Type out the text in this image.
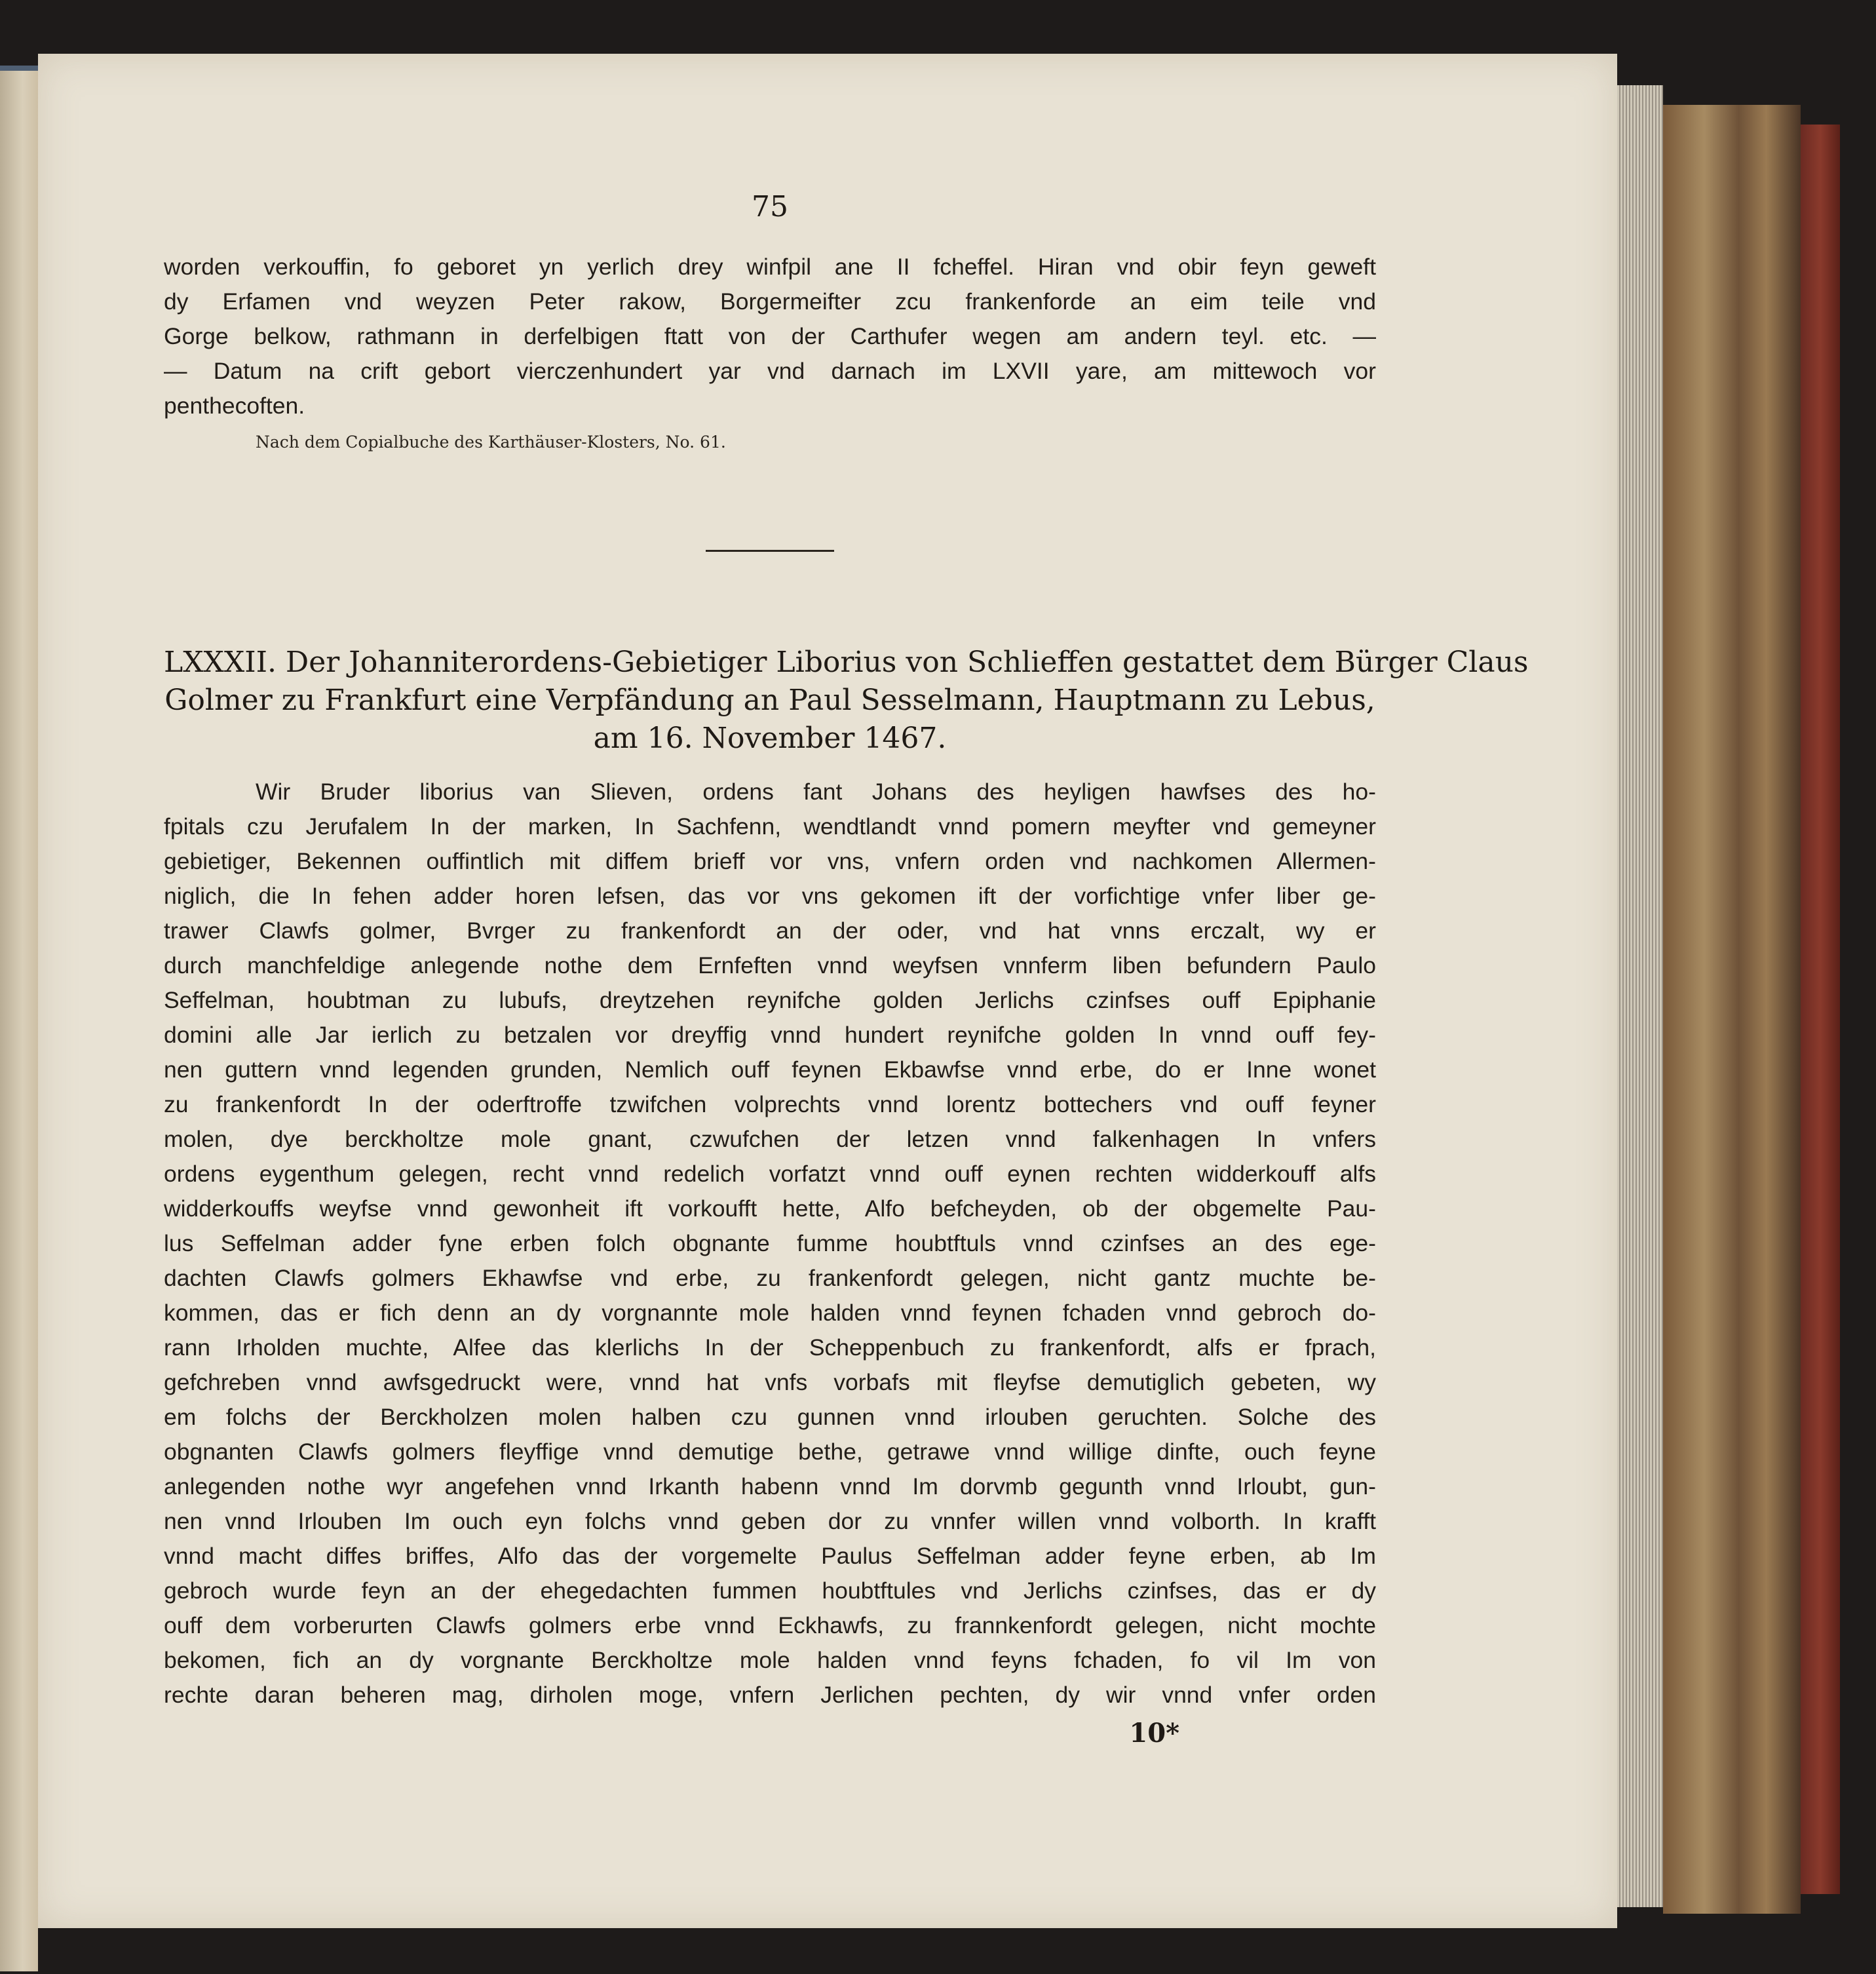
75
worden verkouffin, fo geboret yn yerlich drey winfpil ane II fcheffel. Hiran vnd obir feyn geweft
dy Erfamen vnd weyzen Peter rakow, Borgermeifter zcu frankenforde an eim teile vnd
Gorge belkow, rathmann in derfelbigen ftatt von der Carthufer wegen am andern teyl. etc. —
— Datum na crift gebort vierczenhundert yar vnd darnach im LXVII yare, am mittewoch vor
penthecoften.
Nach dem Copialbuche des Karthäuser-Klosters, No. 61.
LXXXII. Der Johanniterordens-Gebietiger Liborius von Schlieffen gestattet dem Bürger Claus
Golmer zu Frankfurt eine Verpfändung an Paul Sesselmann, Hauptmann zu Lebus,
am 16. November 1467.
Wir Bruder liborius van Slieven, ordens fant Johans des heyligen hawfses des ho-
fpitals czu Jerufalem In der marken, In Sachfenn, wendtlandt vnnd pomern meyfter vnd gemeyner
gebietiger, Bekennen ouffintlich mit diffem brieff vor vns, vnfern orden vnd nachkomen Allermen-
niglich, die In fehen adder horen lefsen, das vor vns gekomen ift der vorfichtige vnfer liber ge-
trawer Clawfs golmer, Bvrger zu frankenfordt an der oder, vnd hat vnns erczalt, wy er
durch manchfeldige anlegende nothe dem Ernfeften vnnd weyfsen vnnferm liben befundern Paulo
Seffelman, houbtman zu lubufs, dreytzehen reynifche golden Jerlichs czinfses ouff Epiphanie
domini alle Jar ierlich zu betzalen vor dreyffig vnnd hundert reynifche golden In vnnd ouff fey-
nen guttern vnnd legenden grunden, Nemlich ouff feynen Ekbawfse vnnd erbe, do er Inne wonet
zu frankenfordt In der oderftroffe tzwifchen volprechts vnnd lorentz bottechers vnd ouff feyner
molen, dye berckholtze mole gnant, czwufchen der letzen vnnd falkenhagen In vnfers
ordens eygenthum gelegen, recht vnnd redelich vorfatzt vnnd ouff eynen rechten widderkouff alfs
widderkouffs weyfse vnnd gewonheit ift vorkoufft hette, Alfo befcheyden, ob der obgemelte Pau-
lus Seffelman adder fyne erben folch obgnante fumme houbtftuls vnnd czinfses an des ege-
dachten Clawfs golmers Ekhawfse vnd erbe, zu frankenfordt gelegen, nicht gantz muchte be-
kommen, das er fich denn an dy vorgnannte mole halden vnnd feynen fchaden vnnd gebroch do-
rann Irholden muchte, Alfee das klerlichs In der Scheppenbuch zu frankenfordt, alfs er fprach,
gefchreben vnnd awfsgedruckt were, vnnd hat vnfs vorbafs mit fleyfse demutiglich gebeten, wy
em folchs der Berckholzen molen halben czu gunnen vnnd irlouben geruchten. Solche des
obgnanten Clawfs golmers fleyffige vnnd demutige bethe, getrawe vnnd willige dinfte, ouch feyne
anlegenden nothe wyr angefehen vnnd Irkanth habenn vnnd Im dorvmb gegunth vnnd Irloubt, gun-
nen vnnd Irlouben Im ouch eyn folchs vnnd geben dor zu vnnfer willen vnnd volborth. In krafft
vnnd macht diffes briffes, Alfo das der vorgemelte Paulus Seffelman adder feyne erben, ab Im
gebroch wurde feyn an der ehegedachten fummen houbtftules vnd Jerlichs czinfses, das er dy
ouff dem vorberurten Clawfs golmers erbe vnnd Eckhawfs, zu frannkenfordt gelegen, nicht mochte
bekomen, fich an dy vorgnante Berckholtze mole halden vnnd feyns fchaden, fo vil Im von
rechte daran beheren mag, dirholen moge, vnfern Jerlichen pechten, dy wir vnnd vnfer orden
10*
